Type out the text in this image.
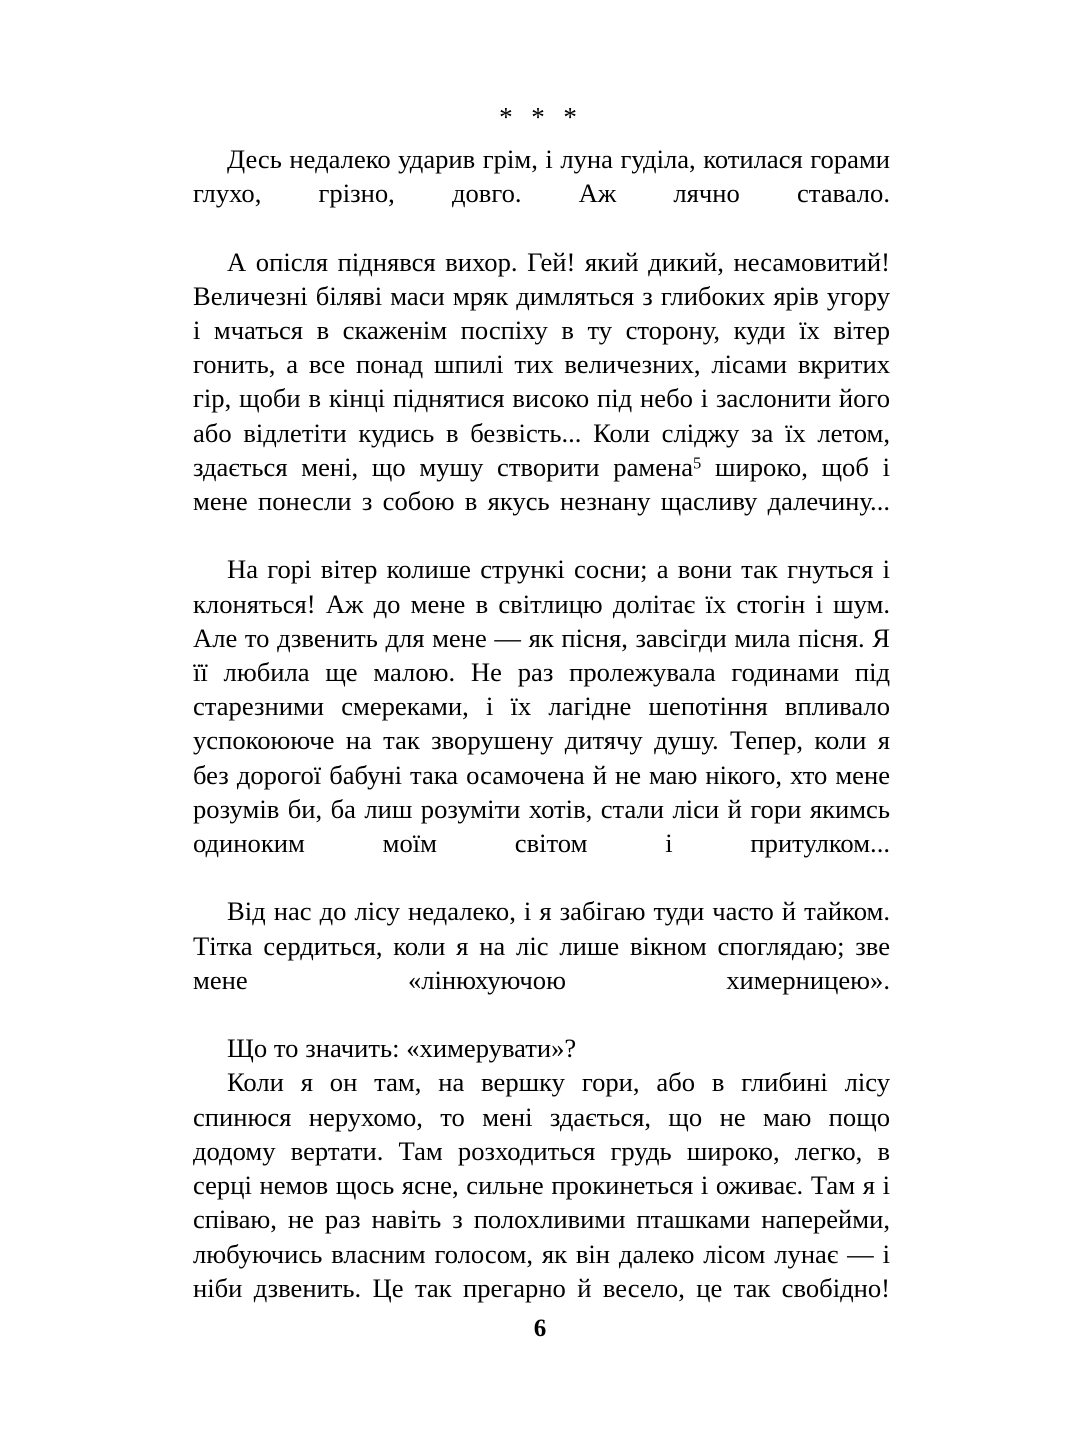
* * *

Десь недалеко ударив грім, і луна гуділа, котилася горами глухо, грізно, довго. Аж лячно ставало.

А опісля піднявся вихор. Гей! який дикий, несамовитий! Величезні біляві маси мряк димляться з глибоких ярів угору і мчаться в скаженім поспіху в ту сторону, куди їх вітер гонить, а все понад шпилі тих величезних, лісами вкритих гір, щоби в кінці піднятися високо під небо і заслонити його або відлетіти кудись в безвість... Коли сліджу за їх летом, здається мені, що мушу створити рамена$^5$ широко, щоб і мене понесли з собою в якусь незнану щасливу далечину...

На горі вітер колише стрункі сосни; а вони так гнуться і клоняться! Аж до мене в світлицю долітає їх стогін і шум. Але то дзвенить для мене — як пісня, завсігди мила пісня. Я її любила ще малою. Не раз пролежувала годинами під старезними смереками, і їх лагідне шепотіння впливало успокоююче на так зворушену дитячу душу. Тепер, коли я без дорогої бабуні така осамочена й не маю нікого, хто мене розумів би, ба лиш розуміти хотів, стали ліси й гори якимсь одиноким моїм світом і притулком...

Від нас до лісу недалеко, і я забігаю туди часто й тайком. Тітка сердиться, коли я на ліс лише вікном споглядаю; зве мене «лінюхуючою химерницею».

Що то значить: «химерувати»?

Коли я он там, на вершку гори, або в глибині лісу спинюся нерухомо, то мені здається, що не маю пощо додому вертати. Там розходиться грудь широко, легко, в серці немов щось ясне, сильне прокинеться і оживає. Там я і співаю, не раз навіть з полохливими пташками наперейми, любуючись власним голосом, як він далеко лісом лунає — і ніби дзвенить. Це так прегарно й весело, це так свобідно!

6
